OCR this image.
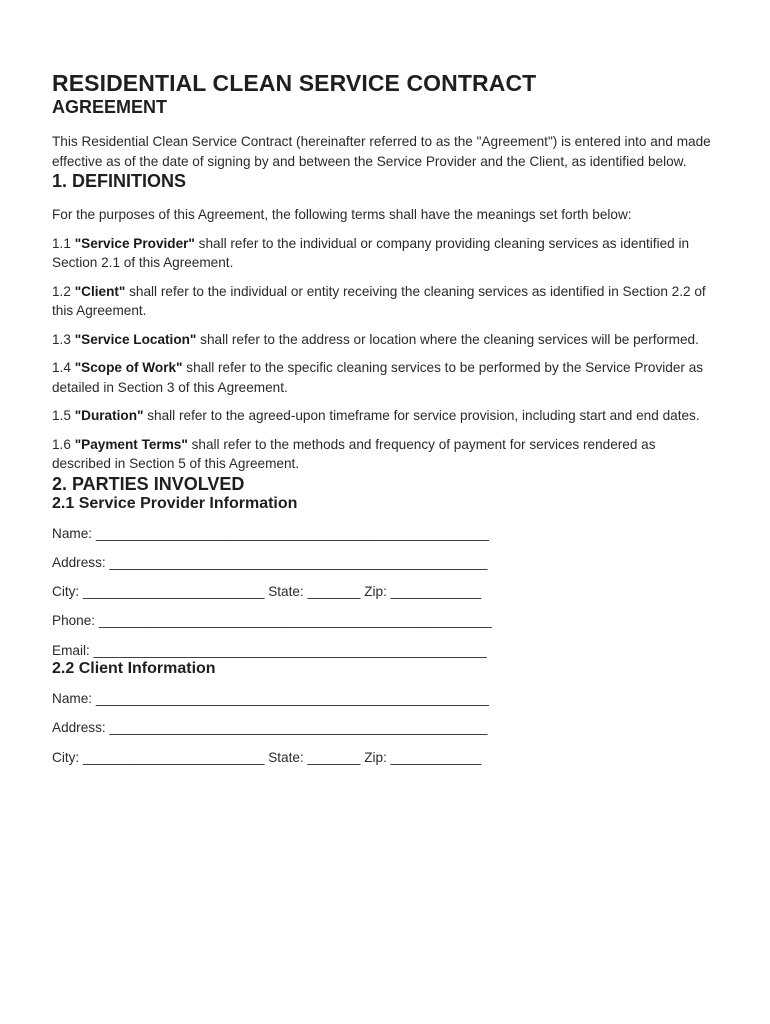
RESIDENTIAL CLEAN SERVICE CONTRACT
AGREEMENT

This Residential Clean Service Contract (hereinafter referred to as the "Agreement") is entered into and made effective as of the date of signing by and between the Service Provider and the Client, as identified below.

1. DEFINITIONS

For the purposes of this Agreement, the following terms shall have the meanings set forth below:

1.1 "Service Provider" shall refer to the individual or company providing cleaning services as identified in Section 2.1 of this Agreement.

1.2 "Client" shall refer to the individual or entity receiving the cleaning services as identified in Section 2.2 of this Agreement.

1.3 "Service Location" shall refer to the address or location where the cleaning services will be performed.

1.4 "Scope of Work" shall refer to the specific cleaning services to be performed by the Service Provider as detailed in Section 3 of this Agreement.

1.5 "Duration" shall refer to the agreed-upon timeframe for service provision, including start and end dates.

1.6 "Payment Terms" shall refer to the methods and frequency of payment for services rendered as described in Section 5 of this Agreement.

2. PARTIES INVOLVED
2.1 Service Provider Information
Name: ____________________________________________________
Address: __________________________________________________
City: ________________________ State: _______ Zip: ____________
Phone: ____________________________________________________
Email: ____________________________________________________
2.2 Client Information
Name: ____________________________________________________
Address: __________________________________________________
City: ________________________ State: _______ Zip: ____________
